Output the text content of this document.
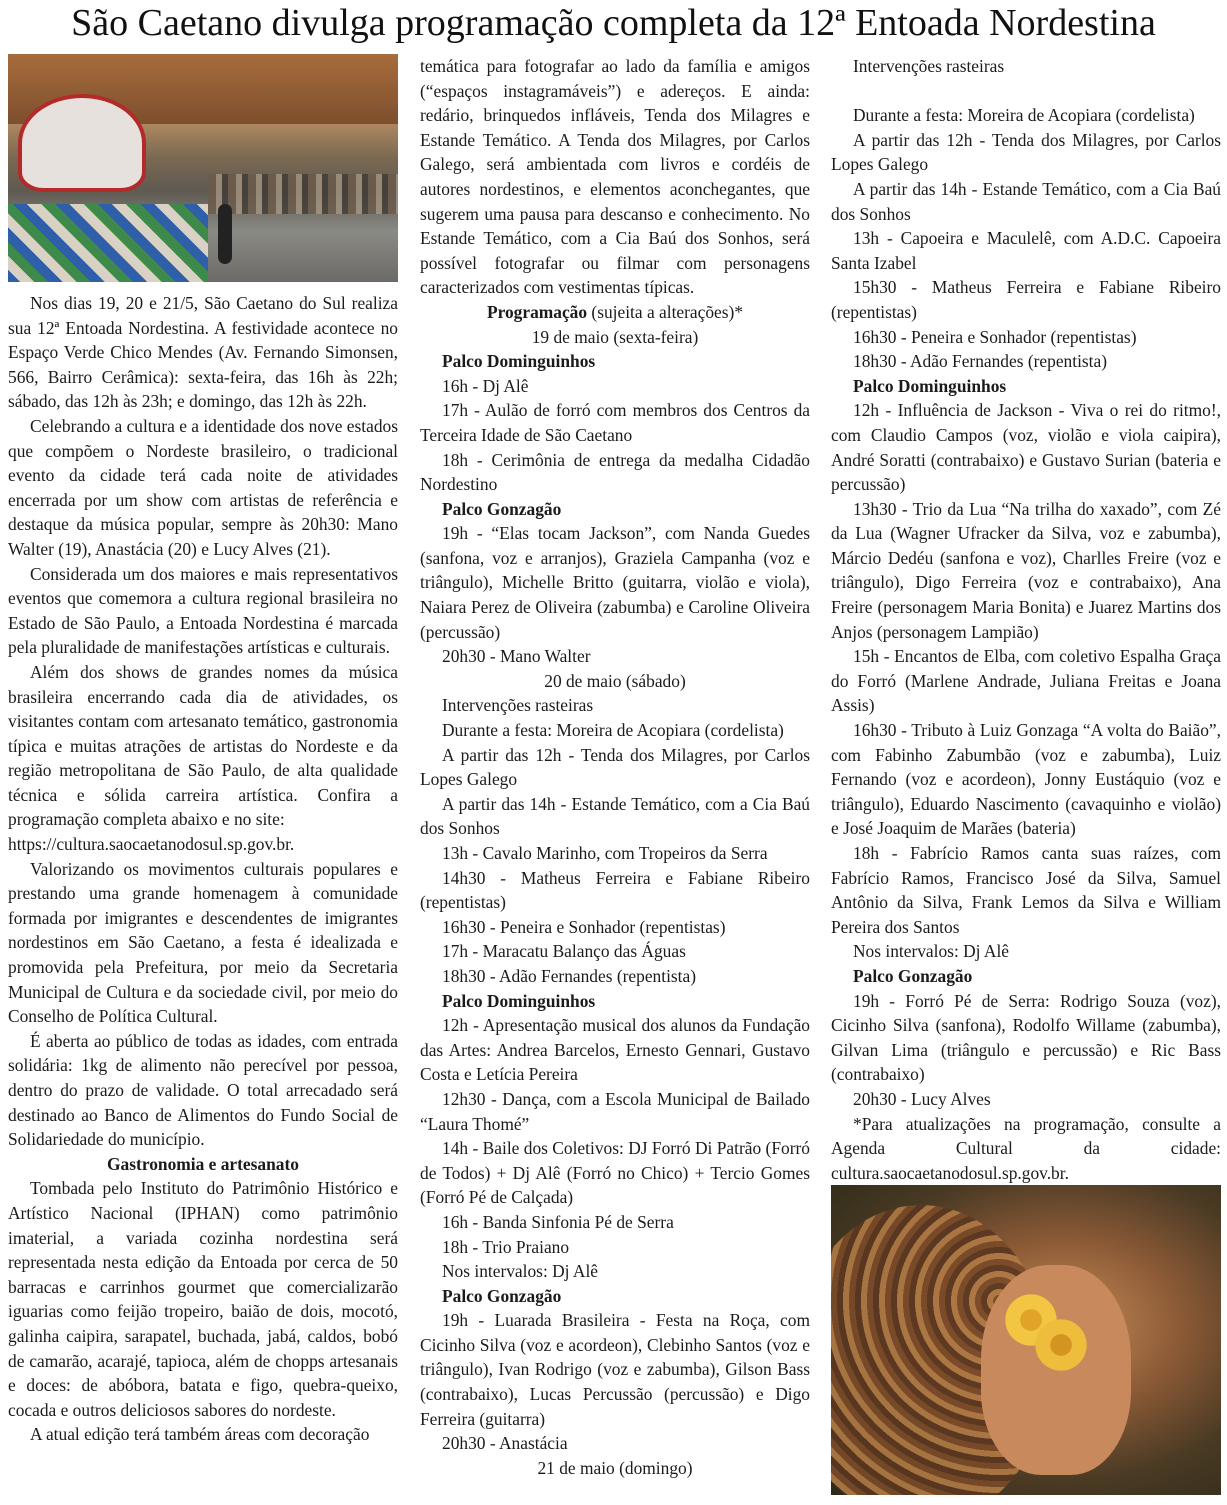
São Caetano divulga programação completa da 12ª Entoada Nordestina

Nos dias 19, 20 e 21/5, São Caetano do Sul realiza sua 12ª Entoada Nordestina. A festividade acontece no Espaço Verde Chico Mendes (Av. Fernando Simonsen, 566, Bairro Cerâmica): sexta-feira, das 16h às 22h; sábado, das 12h às 23h; e domingo, das 12h às 22h.

Celebrando a cultura e a identidade dos nove estados que compõem o Nordeste brasileiro, o tradicional evento da cidade terá cada noite de atividades encerrada por um show com artistas de referência e destaque da música popular, sempre às 20h30: Mano Walter (19), Anastácia (20) e Lucy Alves (21).

Considerada um dos maiores e mais representativos eventos que comemora a cultura regional brasileira no Estado de São Paulo, a Entoada Nordestina é marcada pela pluralidade de manifestações artísticas e culturais.

Além dos shows de grandes nomes da música brasileira encerrando cada dia de atividades, os visitantes contam com artesanato temático, gastronomia típica e muitas atrações de artistas do Nordeste e da região metropolitana de São Paulo, de alta qualidade técnica e sólida carreira artística. Confira a programação completa abaixo e no site:

https://cultura.saocaetanodosul.sp.gov.br.

Valorizando os movimentos culturais populares e prestando uma grande homenagem à comunidade formada por imigrantes e descendentes de imigrantes nordestinos em São Caetano, a festa é idealizada e promovida pela Prefeitura, por meio da Secretaria Municipal de Cultura e da sociedade civil, por meio do Conselho de Política Cultural.

É aberta ao público de todas as idades, com entrada solidária: 1kg de alimento não perecível por pessoa, dentro do prazo de validade. O total arrecadado será destinado ao Banco de Alimentos do Fundo Social de Solidariedade do município.

Gastronomia e artesanato

Tombada pelo Instituto do Patrimônio Histórico e Artístico Nacional (IPHAN) como patrimônio imaterial, a variada cozinha nordestina será representada nesta edição da Entoada por cerca de 50 barracas e carrinhos gourmet que comercializarão iguarias como feijão tropeiro, baião de dois, mocotó, galinha caipira, sarapatel, buchada, jabá, caldos, bobó de camarão, acarajé, tapioca, além de chopps artesanais e doces: de abóbora, batata e figo, quebra-queixo, cocada e outros deliciosos sabores do nordeste.

A atual edição terá também áreas com decoração

temática para fotografar ao lado da família e amigos (“espaços instagramáveis”) e adereços. E ainda: redário, brinquedos infláveis, Tenda dos Milagres e Estande Temático. A Tenda dos Milagres, por Carlos Galego, será ambientada com livros e cordéis de autores nordestinos, e elementos aconchegantes, que sugerem uma pausa para descanso e conhecimento. No Estande Temático, com a Cia Baú dos Sonhos, será possível fotografar ou filmar com personagens caracterizados com vestimentas típicas.

Programação (sujeita a alterações)*

19 de maio (sexta-feira)

Palco Dominguinhos

16h - Dj Alê

17h - Aulão de forró com membros dos Centros da Terceira Idade de São Caetano

18h - Cerimônia de entrega da medalha Cidadão Nordestino

Palco Gonzagão

19h - “Elas tocam Jackson”, com Nanda Guedes (sanfona, voz e arranjos), Graziela Campanha (voz e triângulo), Michelle Britto (guitarra, violão e viola), Naiara Perez de Oliveira (zabumba) e Caroline Oliveira (percussão)

20h30 - Mano Walter

20 de maio (sábado)

Intervenções rasteiras

Durante a festa: Moreira de Acopiara (cordelista)

A partir das 12h - Tenda dos Milagres, por Carlos Lopes Galego

A partir das 14h - Estande Temático, com a Cia Baú dos Sonhos

13h - Cavalo Marinho, com Tropeiros da Serra

14h30 - Matheus Ferreira e Fabiane Ribeiro (repentistas)

16h30 - Peneira e Sonhador (repentistas)

17h - Maracatu Balanço das Águas

18h30 - Adão Fernandes (repentista)

Palco Dominguinhos

12h - Apresentação musical dos alunos da Fundação das Artes: Andrea Barcelos, Ernesto Gennari, Gustavo Costa e Letícia Pereira

12h30 - Dança, com a Escola Municipal de Bailado “Laura Thomé”

14h - Baile dos Coletivos: DJ Forró Di Patrão (Forró de Todos) + Dj Alê (Forró no Chico) + Tercio Gomes (Forró Pé de Calçada)

16h - Banda Sinfonia Pé de Serra

18h - Trio Praiano

Nos intervalos: Dj Alê

Palco Gonzagão

19h - Luarada Brasileira - Festa na Roça, com Cicinho Silva (voz e acordeon), Clebinho Santos (voz e triângulo), Ivan Rodrigo (voz e zabumba), Gilson Bass (contrabaixo), Lucas Percussão (percussão) e Digo Ferreira (guitarra)

20h30 - Anastácia

21 de maio (domingo)

Intervenções rasteiras

Durante a festa: Moreira de Acopiara (cordelista)

A partir das 12h - Tenda dos Milagres, por Carlos Lopes Galego

A partir das 14h - Estande Temático, com a Cia Baú dos Sonhos

13h - Capoeira e Maculelê, com A.D.C. Capoeira Santa Izabel

15h30 - Matheus Ferreira e Fabiane Ribeiro (repentistas)

16h30 - Peneira e Sonhador (repentistas)

18h30 - Adão Fernandes (repentista)

Palco Dominguinhos

12h - Influência de Jackson - Viva o rei do ritmo!, com Claudio Campos (voz, violão e viola caipira), André Soratti (contrabaixo) e Gustavo Surian (bateria e percussão)

13h30 - Trio da Lua “Na trilha do xaxado”, com Zé da Lua (Wagner Ufracker da Silva, voz e zabumba), Márcio Dedéu (sanfona e voz), Charlles Freire (voz e triângulo), Digo Ferreira (voz e contrabaixo), Ana Freire (personagem Maria Bonita) e Juarez Martins dos Anjos (personagem Lampião)

15h - Encantos de Elba, com coletivo Espalha Graça do Forró (Marlene Andrade, Juliana Freitas e Joana Assis)

16h30 - Tributo à Luiz Gonzaga “A volta do Baião”, com Fabinho Zabumbão (voz e zabumba), Luiz Fernando (voz e acordeon), Jonny Eustáquio (voz e triângulo), Eduardo Nascimento (cavaquinho e violão) e José Joaquim de Marães (bateria)

18h - Fabrício Ramos canta suas raízes, com Fabrício Ramos, Francisco José da Silva, Samuel Antônio da Silva, Frank Lemos da Silva e William Pereira dos Santos

Nos intervalos: Dj Alê

Palco Gonzagão

19h - Forró Pé de Serra: Rodrigo Souza (voz), Cicinho Silva (sanfona), Rodolfo Willame (zabumba), Gilvan Lima (triângulo e percussão) e Ric Bass (contrabaixo)

20h30 - Lucy Alves

*Para atualizações na programação, consulte a Agenda Cultural da cidade: cultura.saocaetanodosul.sp.gov.br.
